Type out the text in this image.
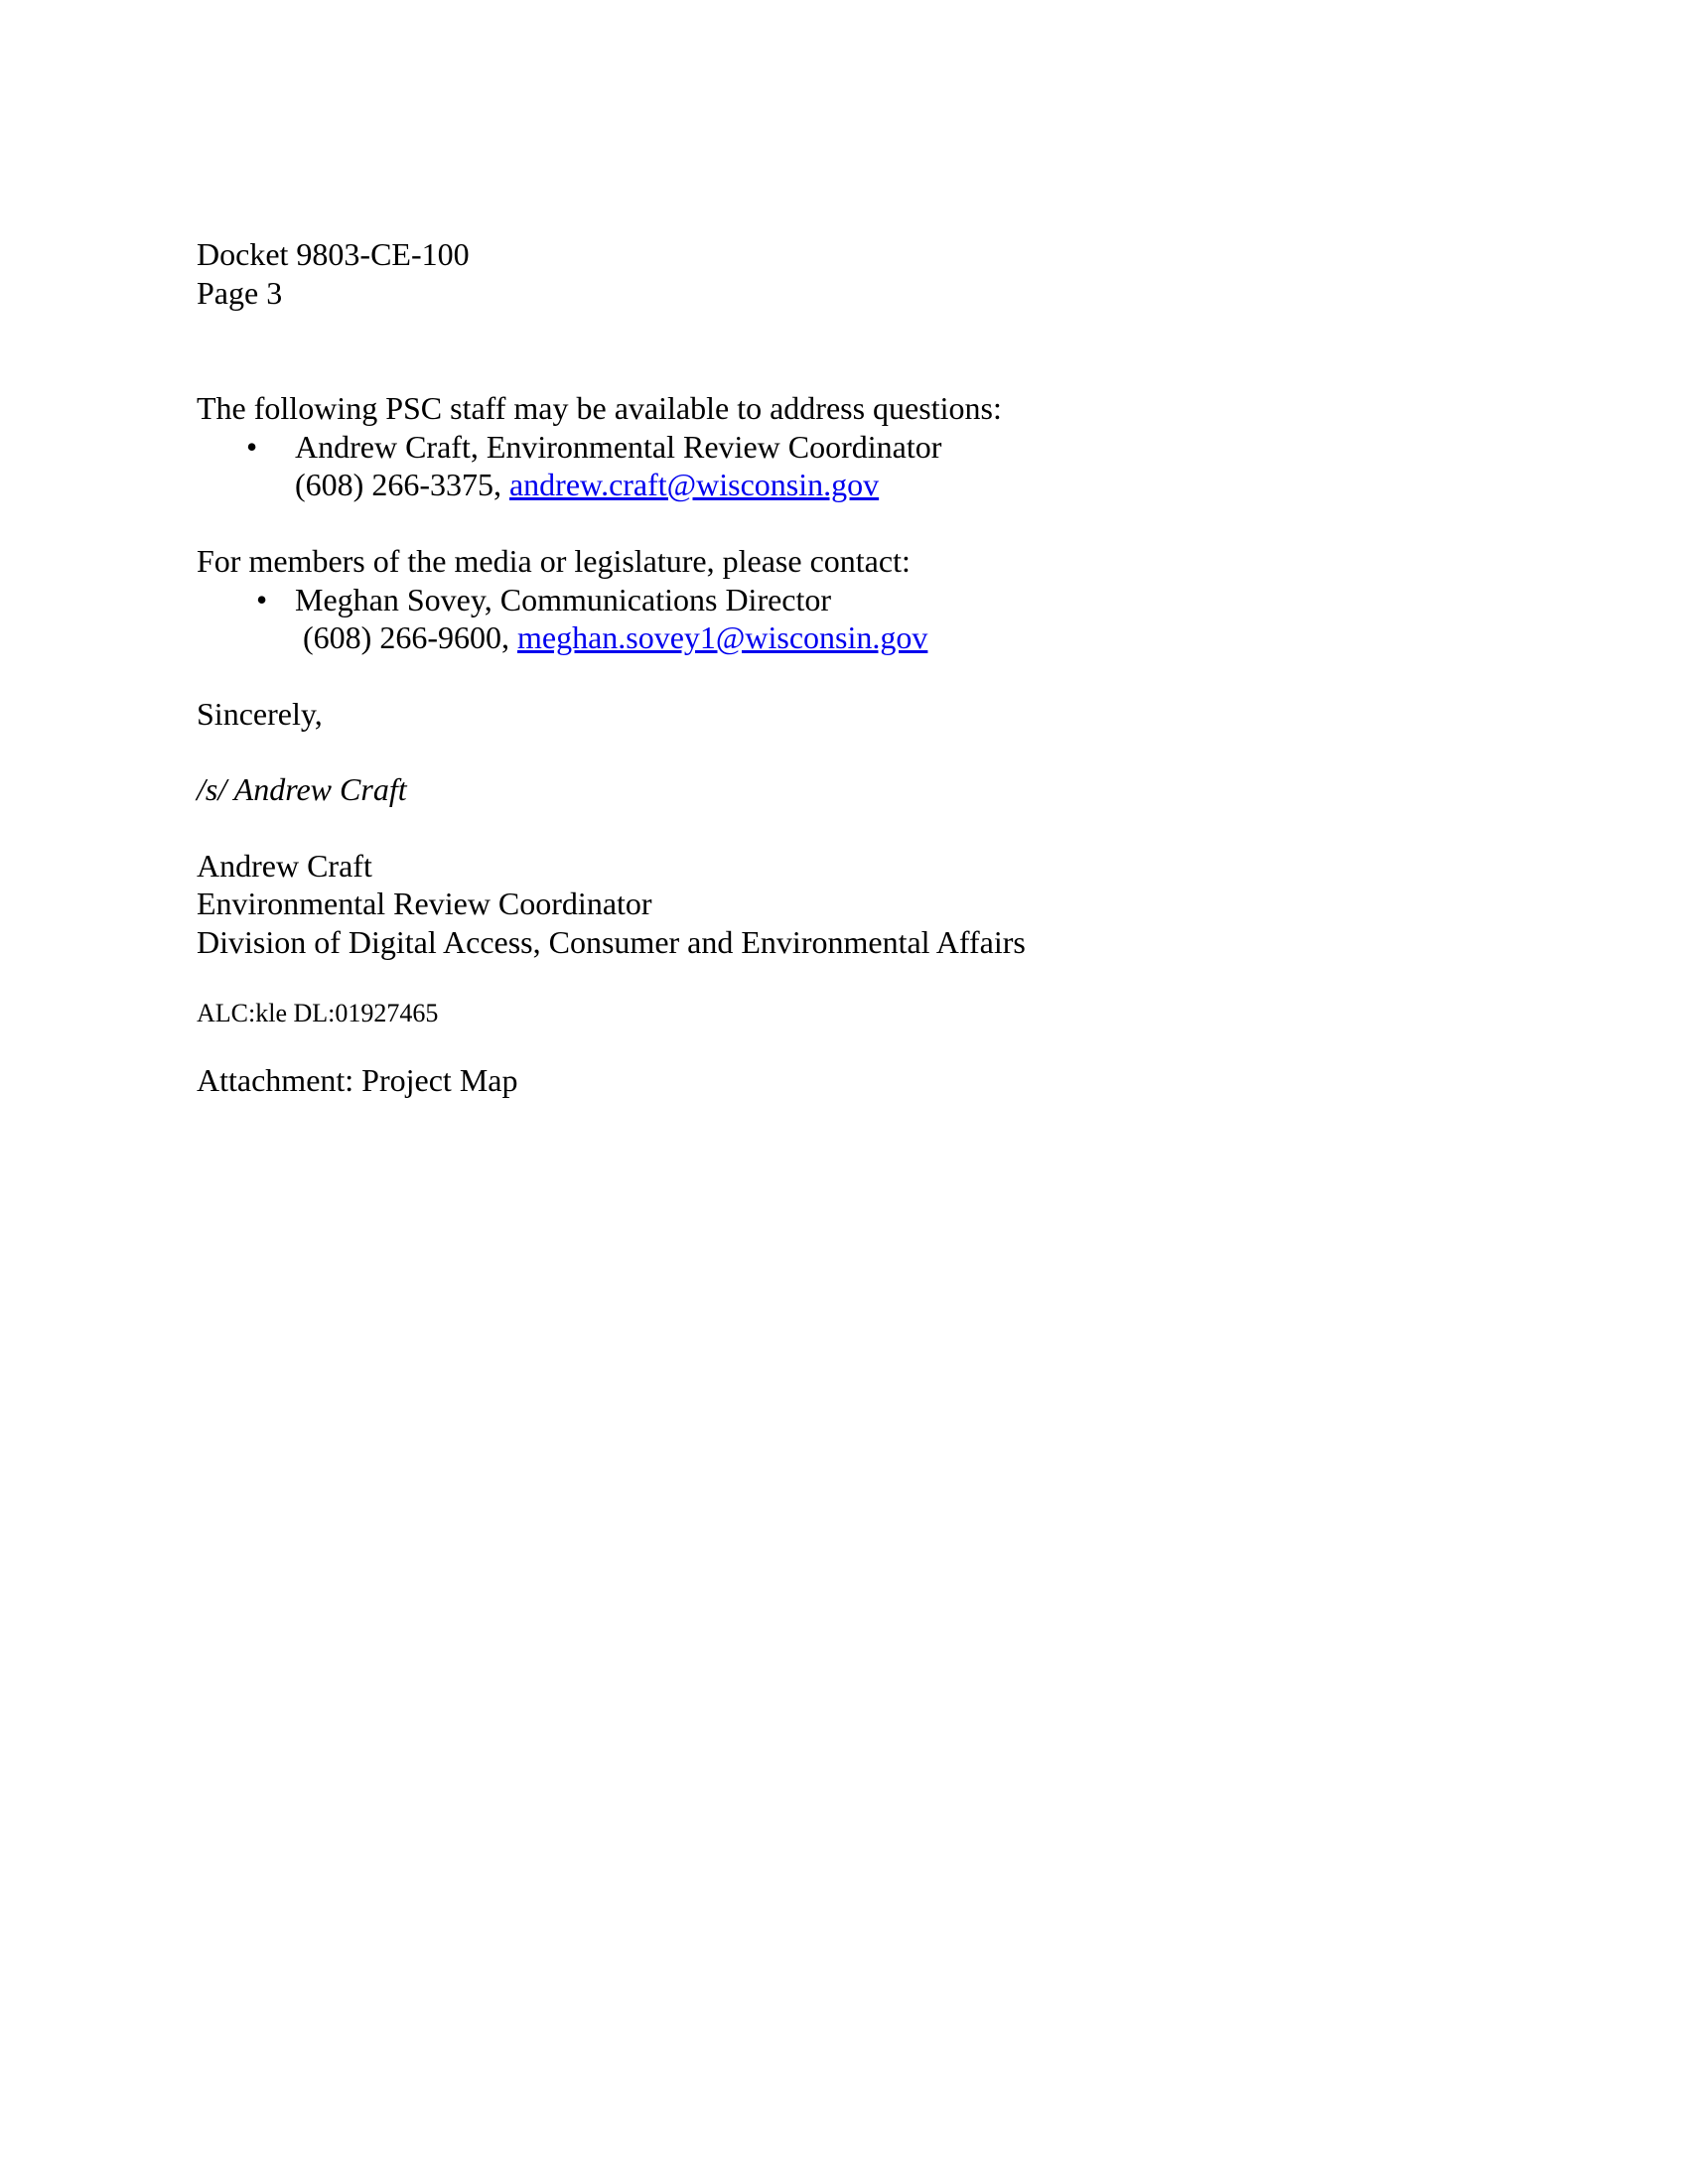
Docket 9803-CE-100
Page 3
The following PSC staff may be available to address questions:
• Andrew Craft, Environmental Review Coordinator
(608) 266-3375, andrew.craft@wisconsin.gov
For members of the media or legislature, please contact:
• Meghan Sovey, Communications Director
(608) 266-9600, meghan.sovey1@wisconsin.gov
Sincerely,
/s/ Andrew Craft
Andrew Craft
Environmental Review Coordinator
Division of Digital Access, Consumer and Environmental Affairs
ALC:kle DL:01927465
Attachment: Project Map
